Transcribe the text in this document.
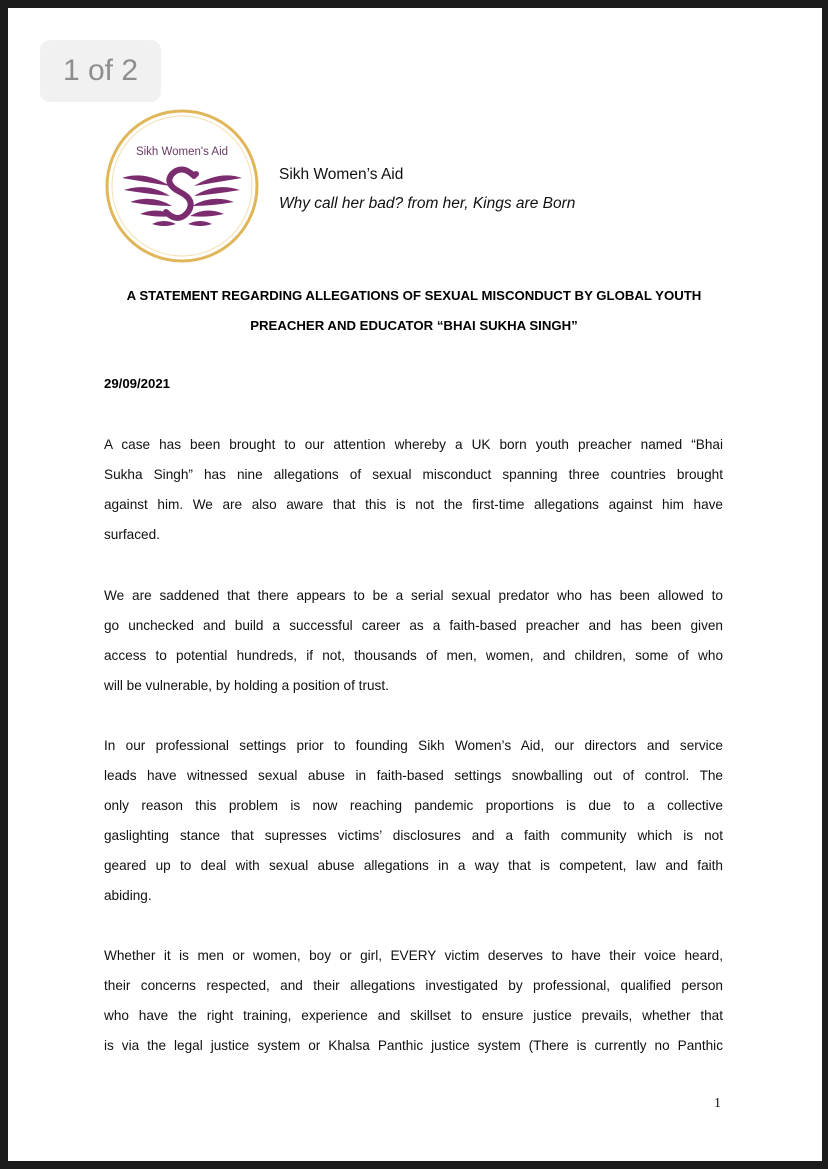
1 of 2
Sikh Women's Aid
Sikh Women’s Aid
Why call her bad? from her, Kings are Born
A STATEMENT REGARDING ALLEGATIONS OF SEXUAL MISCONDUCT BY GLOBAL YOUTH
PREACHER AND EDUCATOR “BHAI SUKHA SINGH”
29/09/2021
A case has been brought to our attention whereby a UK born youth preacher named “Bhai
Sukha Singh” has nine allegations of sexual misconduct spanning three countries brought
against him. We are also aware that this is not the first-time allegations against him have
surfaced.
We are saddened that there appears to be a serial sexual predator who has been allowed to
go unchecked and build a successful career as a faith-based preacher and has been given
access to potential hundreds, if not, thousands of men, women, and children, some of who
will be vulnerable, by holding a position of trust.
In our professional settings prior to founding Sikh Women’s Aid, our directors and service
leads have witnessed sexual abuse in faith-based settings snowballing out of control. The
only reason this problem is now reaching pandemic proportions is due to a collective
gaslighting stance that supresses victims’ disclosures and a faith community which is not
geared up to deal with sexual abuse allegations in a way that is competent, law and faith
abiding.
Whether it is men or women, boy or girl, EVERY victim deserves to have their voice heard,
their concerns respected, and their allegations investigated by professional, qualified person
who have the right training, experience and skillset to ensure justice prevails, whether that
is via the legal justice system or Khalsa Panthic justice system (There is currently no Panthic
1
